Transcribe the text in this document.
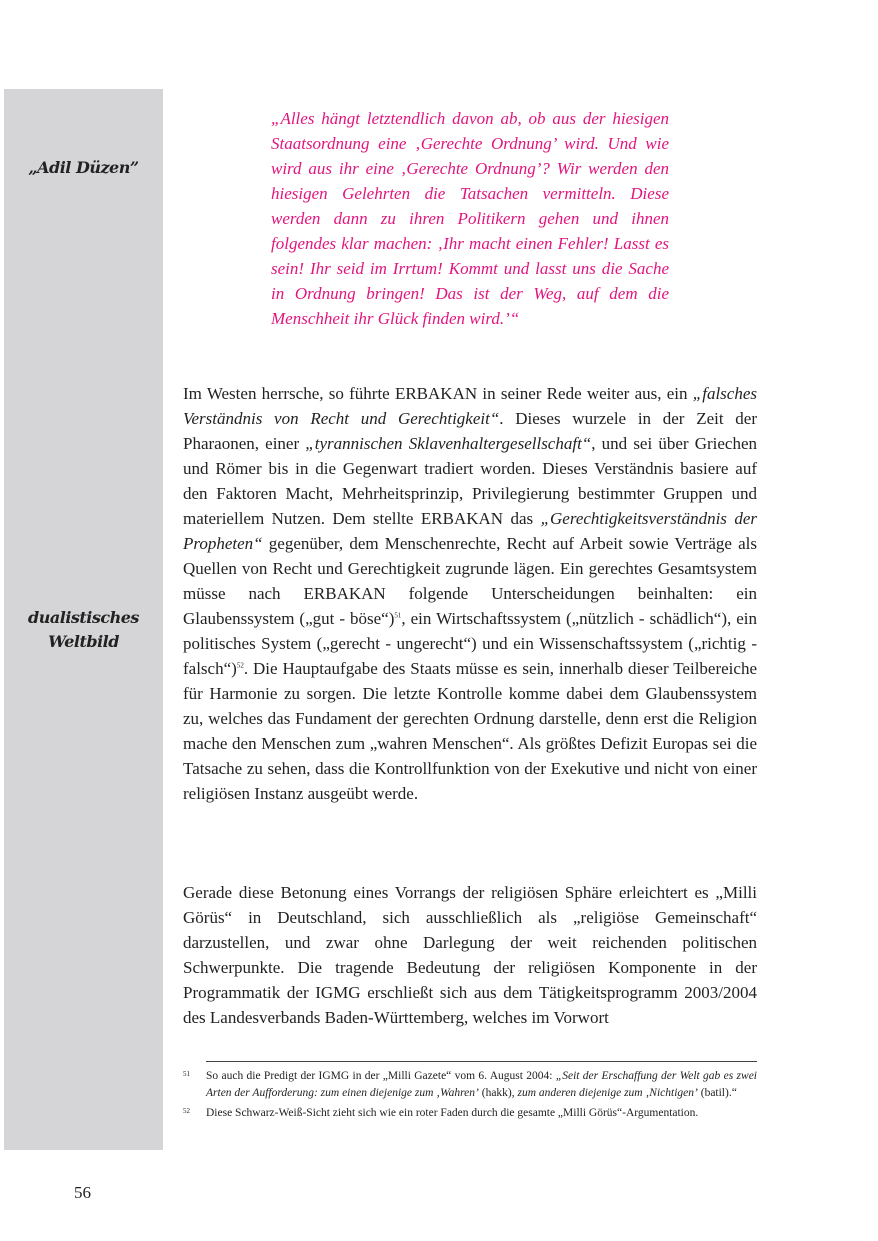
„Adil Düzen”
dualistisches
Weltbild

„Alles hängt letztendlich davon ab, ob aus der hiesigen Staatsordnung eine ‚Gerechte Ordnung’ wird. Und wie wird aus ihr eine ‚Gerechte Ordnung’? Wir werden den hiesigen Gelehrten die Tatsachen vermitteln. Diese werden dann zu ihren Politikern gehen und ihnen folgendes klar machen: ‚Ihr macht einen Fehler! Lasst es sein! Ihr seid im Irrtum! Kommt und lasst uns die Sache in Ordnung bringen! Das ist der Weg, auf dem die Menschheit ihr Glück finden wird.’“

Im Westen herrsche, so führte ERBAKAN in seiner Rede weiter aus, ein „falsches Verständnis von Recht und Gerechtigkeit“. Dieses wurzele in der Zeit der Pharaonen, einer „tyrannischen Sklavenhaltergesellschaft“, und sei über Griechen und Römer bis in die Gegenwart tradiert worden. Dieses Verständnis basiere auf den Faktoren Macht, Mehrheitsprinzip, Privilegierung bestimmter Gruppen und materiellem Nutzen. Dem stellte ERBAKAN das „Gerechtigkeitsverständnis der Propheten“ gegenüber, dem Menschenrechte, Recht auf Arbeit sowie Verträge als Quellen von Recht und Gerechtigkeit zugrunde lägen. Ein gerechtes Gesamtsystem müsse nach ERBAKAN folgende Unterscheidungen beinhalten: ein Glaubenssystem („gut - böse“)$^{51}$, ein Wirtschaftssystem („nützlich - schädlich“), ein politisches System („gerecht - ungerecht“) und ein Wissenschaftssystem („richtig - falsch“)$^{52}$. Die Hauptaufgabe des Staats müsse es sein, innerhalb dieser Teilbereiche für Harmonie zu sorgen. Die letzte Kontrolle komme dabei dem Glaubenssystem zu, welches das Fundament der gerechten Ordnung darstelle, denn erst die Religion mache den Menschen zum „wahren Menschen“. Als größtes Defizit Europas sei die Tatsache zu sehen, dass die Kontrollfunktion von der Exekutive und nicht von einer religiösen Instanz ausgeübt werde.

Gerade diese Betonung eines Vorrangs der religiösen Sphäre erleichtert es „Milli Görüs“ in Deutschland, sich ausschließlich als „religiöse Gemeinschaft“ darzustellen, und zwar ohne Darlegung der weit reichenden politischen Schwerpunkte. Die tragende Bedeutung der religiösen Komponente in der Programmatik der IGMG erschließt sich aus dem Tätigkeitsprogramm 2003/2004 des Landesverbands Baden-Württemberg, welches im Vorwort

51	So auch die Predigt der IGMG in der „Milli Gazete“ vom 6. August 2004: „Seit der Erschaffung der Welt gab es zwei Arten der Aufforderung: zum einen diejenige zum ‚Wahren’ (hakk), zum anderen diejenige zum ‚Nichtigen’ (batil).“
52	Diese Schwarz-Weiß-Sicht zieht sich wie ein roter Faden durch die gesamte „Milli Görüs“-Argumentation.
56
